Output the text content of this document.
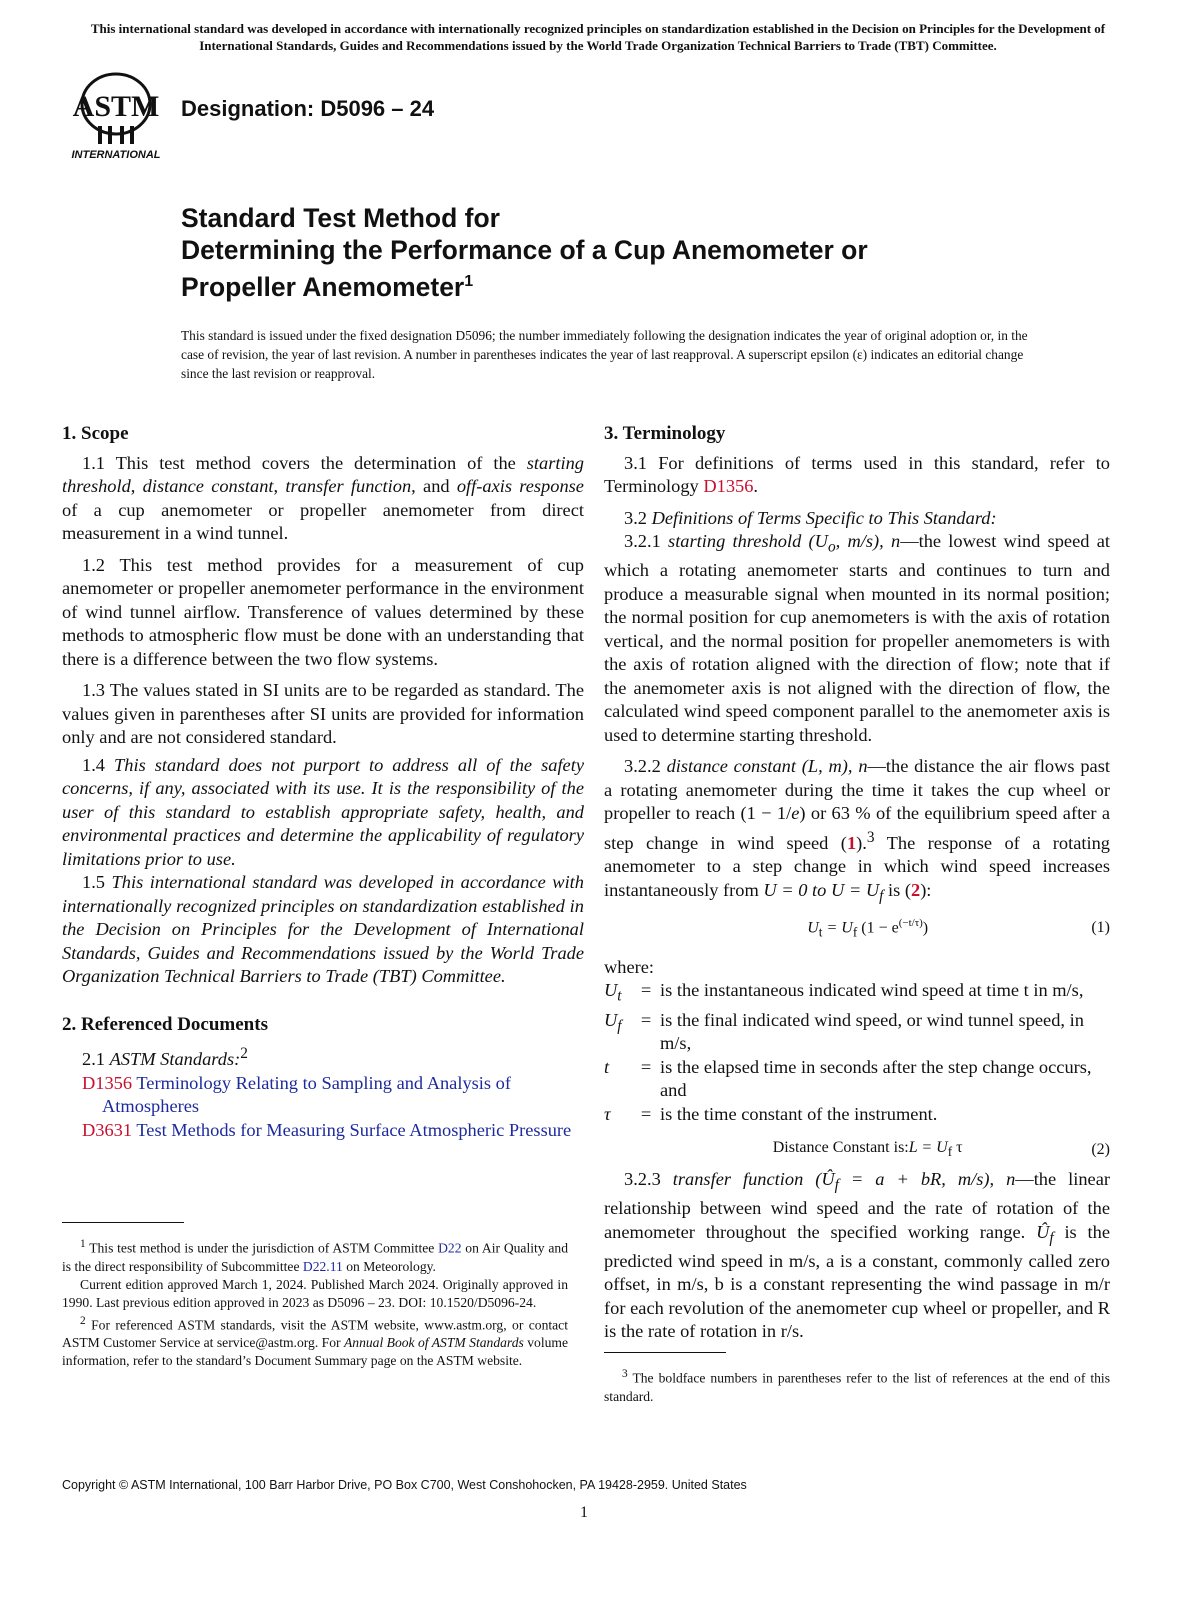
This international standard was developed in accordance with internationally recognized principles on standardization established in the Decision on Principles for the Development of International Standards, Guides and Recommendations issued by the World Trade Organization Technical Barriers to Trade (TBT) Committee.
ASTM
INTERNATIONAL
Designation: D5096 – 24
Standard Test Method for
Determining the Performance of a Cup Anemometer or
Propeller Anemometer$^1$
This standard is issued under the fixed designation D5096; the number immediately following the designation indicates the year of original adoption or, in the case of revision, the year of last revision. A number in parentheses indicates the year of last reapproval. A superscript epsilon (ε) indicates an editorial change since the last revision or reapproval.
1. Scope

1.1 This test method covers the determination of the starting threshold, distance constant, transfer function, and off-axis response of a cup anemometer or propeller anemometer from direct measurement in a wind tunnel.

1.2 This test method provides for a measurement of cup anemometer or propeller anemometer performance in the environment of wind tunnel airflow. Transference of values determined by these methods to atmospheric flow must be done with an understanding that there is a difference between the two flow systems.

1.3 The values stated in SI units are to be regarded as standard. The values given in parentheses after SI units are provided for information only and are not considered standard.

1.4 This standard does not purport to address all of the safety concerns, if any, associated with its use. It is the responsibility of the user of this standard to establish appropriate safety, health, and environmental practices and determine the applicability of regulatory limitations prior to use.

1.5 This international standard was developed in accordance with internationally recognized principles on standardization established in the Decision on Principles for the Development of International Standards, Guides and Recommendations issued by the World Trade Organization Technical Barriers to Trade (TBT) Committee.

2. Referenced Documents

2.1 ASTM Standards:$^2$

D1356 Terminology Relating to Sampling and Analysis of Atmospheres

D3631 Test Methods for Measuring Surface Atmospheric Pressure

$^1$ This test method is under the jurisdiction of ASTM Committee D22 on Air Quality and is the direct responsibility of Subcommittee D22.11 on Meteorology.

Current edition approved March 1, 2024. Published March 2024. Originally approved in 1990. Last previous edition approved in 2023 as D5096 – 23. DOI: 10.1520/D5096-24.

$^2$ For referenced ASTM standards, visit the ASTM website, www.astm.org, or contact ASTM Customer Service at service@astm.org. For Annual Book of ASTM Standards volume information, refer to the standard’s Document Summary page on the ASTM website.

3. Terminology

3.1 For definitions of terms used in this standard, refer to Terminology D1356.

3.2 Definitions of Terms Specific to This Standard:

3.2.1 starting threshold ($U_o$, m/s), n—the lowest wind speed at which a rotating anemometer starts and continues to turn and produce a measurable signal when mounted in its normal position; the normal position for cup anemometers is with the axis of rotation vertical, and the normal position for propeller anemometers is with the axis of rotation aligned with the direction of flow; note that if the anemometer axis is not aligned with the direction of flow, the calculated wind speed component parallel to the anemometer axis is used to determine starting threshold.

3.2.2 distance constant (L, m), n—the distance the air flows past a rotating anemometer during the time it takes the cup wheel or propeller to reach (1 − 1/e) or 63 % of the equilibrium speed after a step change in wind speed (1).$^3$ The response of a rotating anemometer to a step change in which wind speed increases instantaneously from U = 0 to $U = U_f$ is (2):

$U_t = U_f$ $(1 - e^{(-t/\tau)})$	(1)

where:

$U_t$	= is the instantaneous indicated wind speed at time t in m/s,
$U_f$	= is the final indicated wind speed, or wind tunnel speed, in m/s,
t	= is the elapsed time in seconds after the step change occurs, and
τ	= is the time constant of the instrument.
Distance Constant is:L = $U_f$ τ	(2)

3.2.3 transfer function ($Û_f = a$ + bR, m/s), n—the linear relationship between wind speed and the rate of rotation of the anemometer throughout the specified working range. $Û_f$ is the predicted wind speed in m/s, a is a constant, commonly called zero offset, in m/s, b is a constant representing the wind passage in m/r for each revolution of the anemometer cup wheel or propeller, and R is the rate of rotation in r/s.

$^3$ The boldface numbers in parentheses refer to the list of references at the end of this standard.

Copyright © ASTM International, 100 Barr Harbor Drive, PO Box C700, West Conshohocken, PA 19428-2959. United States
1
